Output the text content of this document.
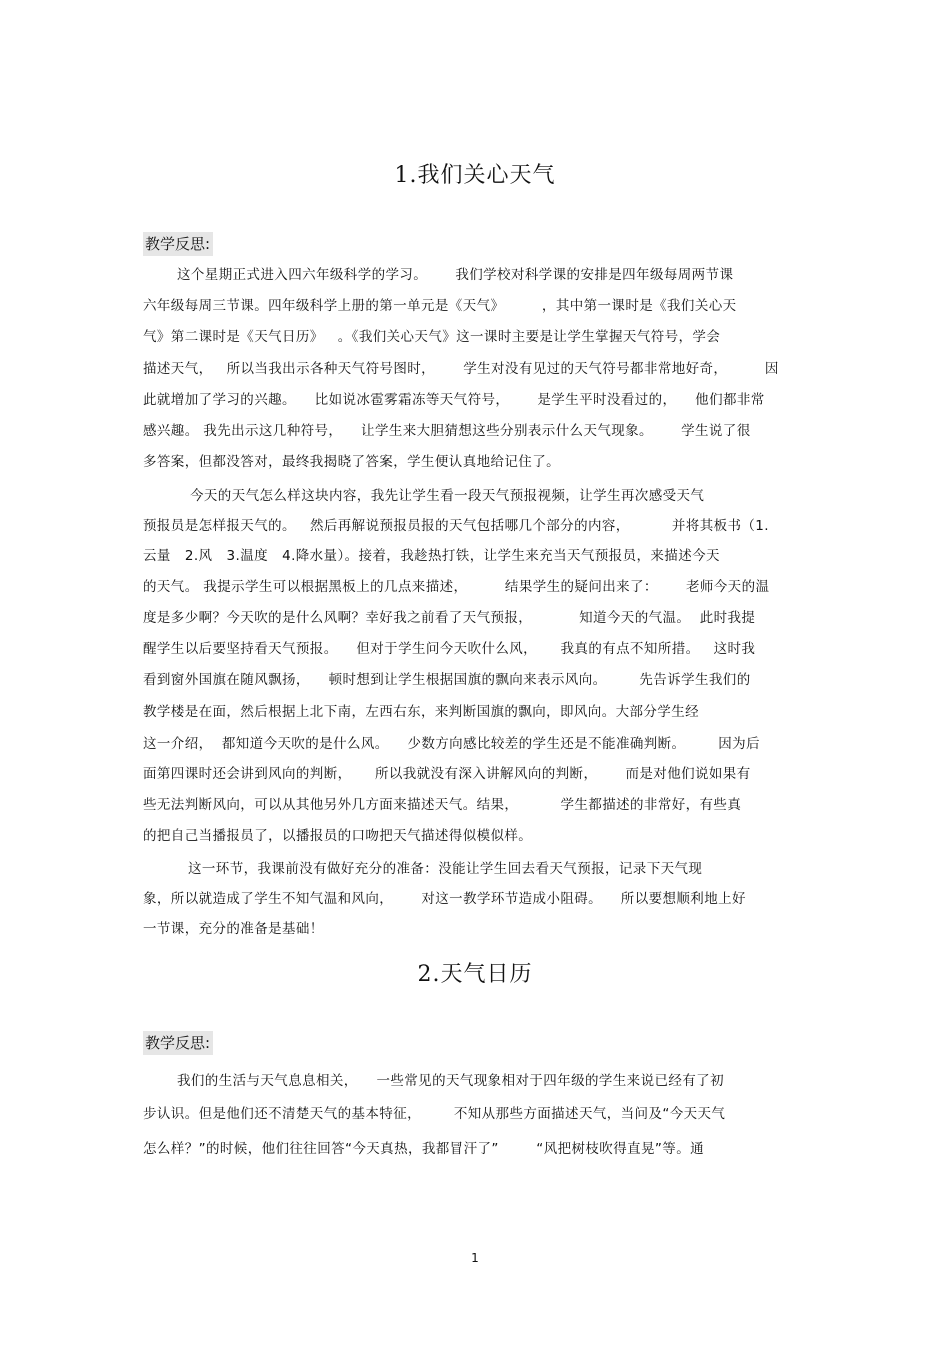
1.我们关心天气
教学反思:
这个星期正式进入四六年级科学的学习。      我们学校对科学课的安排是四年级每周两节课
六年级每周三节课。四年级科学上册的第一单元是《天气》        ，其中第一课时是《我们关心天
气》第二课时是《天气日历》   。《我们关心天气》这一课时主要是让学生掌握天气符号，学会
描述天气，   所以当我出示各种天气符号图时，      学生对没有见过的天气符号都非常地好奇，        因
此就增加了学习的兴趣。    比如说冰雹雾霜冻等天气符号，      是学生平时没看过的，    他们都非常
感兴趣。 我先出示这几种符号，    让学生来大胆猜想这些分别表示什么天气现象。      学生说了很
多答案，但都没答对，最终我揭晓了答案，学生便认真地给记住了。
今天的天气怎么样这块内容，我先让学生看一段天气预报视频，让学生再次感受天气
预报员是怎样报天气的。   然后再解说预报员报的天气包括哪几个部分的内容，         并将其板书（1.
云量   2.风   3.温度   4.降水量）。接着，我趁热打铁，让学生来充当天气预报员，来描述今天
的天气。 我提示学生可以根据黑板上的几点来描述，        结果学生的疑问出来了：      老师今天的温
度是多少啊？今天吹的是什么风啊？幸好我之前看了天气预报，          知道今天的气温。  此时我提
醒学生以后要坚持看天气预报。    但对于学生问今天吹什么风，     我真的有点不知所措。   这时我
看到窗外国旗在随风飘扬，    顿时想到让学生根据国旗的飘向来表示风向。       先告诉学生我们的
教学楼是在面，然后根据上北下南，左西右东，来判断国旗的飘向，即风向。大部分学生经
这一介绍，  都知道今天吹的是什么风。    少数方向感比较差的学生还是不能准确判断。       因为后
面第四课时还会讲到风向的判断，     所以我就没有深入讲解风向的判断，      而是对他们说如果有
些无法判断风向，可以从其他另外几方面来描述天气。结果，         学生都描述的非常好，有些真
的把自己当播报员了，以播报员的口吻把天气描述得似模似样。
这一环节，我课前没有做好充分的准备：没能让学生回去看天气预报，记录下天气现
象，所以就造成了学生不知气温和风向，      对这一教学环节造成小阻碍。    所以要想顺利地上好
一节课，充分的准备是基础！
2.天气日历
教学反思:
我们的生活与天气息息相关，    一些常见的天气现象相对于四年级的学生来说已经有了初
步认识。但是他们还不清楚天气的基本特征，       不知从那些方面描述天气，当问及“今天天气
怎么样？”的时候，他们往往回答“今天真热，我都冒汗了”        “风把树枝吹得直晃”等。通
1
